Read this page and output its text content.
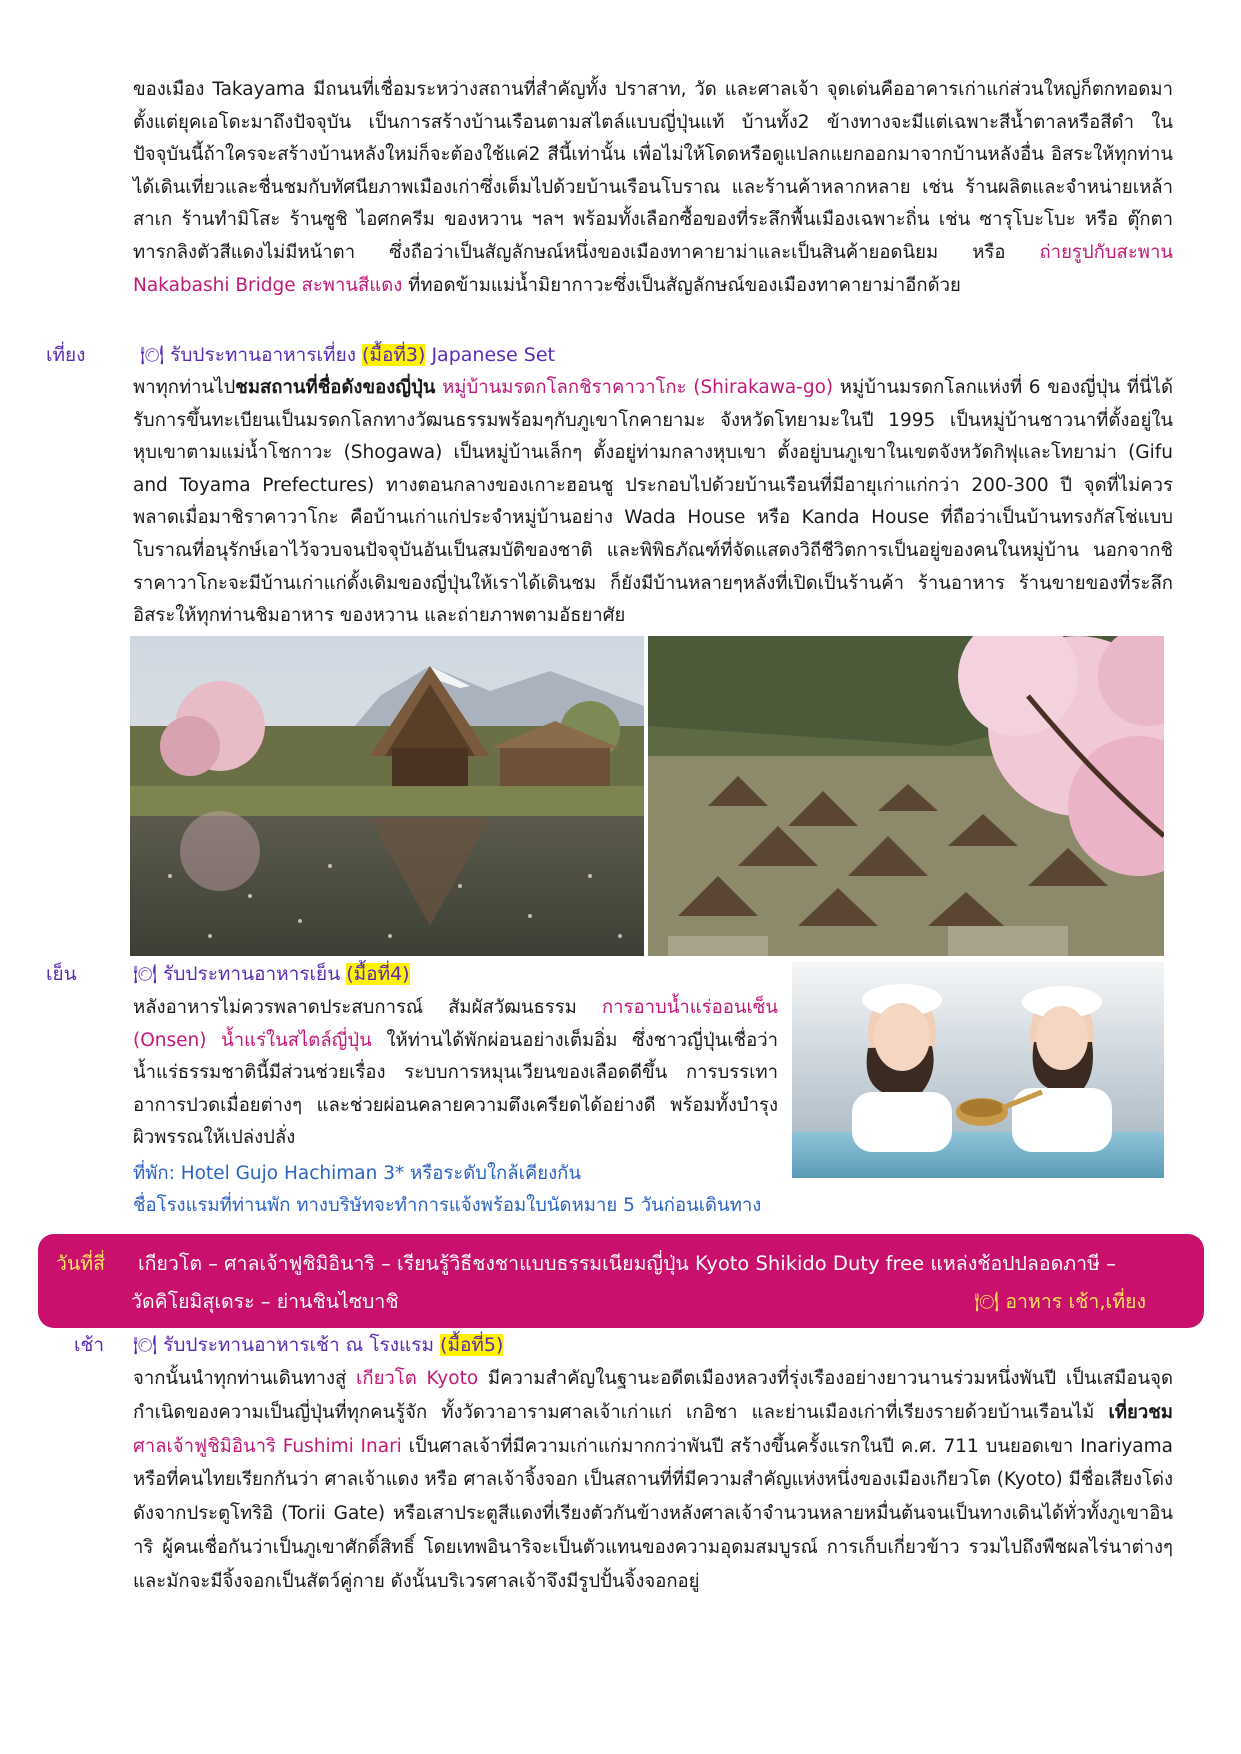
ของเมือง Takayama มีถนนที่เชื่อมระหว่างสถานที่สำคัญทั้ง ปราสาท, วัด และศาลเจ้า จุดเด่นคืออาคารเก่าแก่ส่วนใหญ่ก็ตกทอดมาตั้งแต่ยุคเอโดะมาถึงปัจจุบัน เป็นการสร้างบ้านเรือนตามสไตล์แบบญี่ปุ่นแท้ บ้านทั้ง2 ข้างทางจะมีแต่เฉพาะสีน้ำตาลหรือสีดำ ในปัจจุบันนี้ถ้าใครจะสร้างบ้านหลังใหม่ก็จะต้องใช้แค่2 สีนี้เท่านั้น เพื่อไม่ให้โดดหรือดูแปลกแยกออกมาจากบ้านหลังอื่น อิสระให้ทุกท่านได้เดินเที่ยวและชื่นชมกับทัศนียภาพเมืองเก่าซึ่งเต็มไปด้วยบ้านเรือนโบราณ และร้านค้าหลากหลาย เช่น ร้านผลิตและจำหน่ายเหล้าสาเก ร้านทำมิโสะ ร้านซูชิ ไอศกครีม ของหวาน ฯลฯ พร้อมทั้งเลือกซื้อของที่ระลึกพื้นเมืองเฉพาะถิ่น เช่น ซารุโบะโบะ หรือ ตุ๊กตาทารกลิงตัวสีแดงไม่มีหน้าตา ซึ่งถือว่าเป็นสัญลักษณ์หนึ่งของเมืองทาคายาม่าและเป็นสินค้ายอดนิยม หรือ ถ่ายรูปกับสะพาน Nakabashi Bridge สะพานสีแดง ที่ทอดข้ามแม่น้ำมิยากาวะซึ่งเป็นสัญลักษณ์ของเมืองทาคายาม่าอีกด้วย
เที่ยง	🍽 รับประทานอาหารเที่ยง (มื้อที่3) Japanese Set
พาทุกท่านไปชมสถานที่ชื่อดังของญี่ปุ่น หมู่บ้านมรดกโลกชิราคาวาโกะ (Shirakawa-go) หมู่บ้านมรดกโลกแห่งที่ 6 ของญี่ปุ่น ที่นี่ได้รับการขึ้นทะเบียนเป็นมรดกโลกทางวัฒนธรรมพร้อมๆกับภูเขาโกคายามะ จังหวัดโทยามะในปี 1995 เป็นหมู่บ้านชาวนาที่ตั้งอยู่ในหุบเขาตามแม่น้ำโชกาวะ (Shogawa) เป็นหมู่บ้านเล็กๆ ตั้งอยู่ท่ามกลางหุบเขา ตั้งอยู่บนภูเขาในเขตจังหวัดกิฟุและโทยาม่า (Gifu and Toyama Prefectures) ทางตอนกลางของเกาะฮอนชู ประกอบไปด้วยบ้านเรือนที่มีอายุเก่าแก่กว่า 200-300 ปี จุดที่ไม่ควรพลาดเมื่อมาชิราคาวาโกะ คือบ้านเก่าแก่ประจำหมู่บ้านอย่าง Wada House หรือ Kanda House ที่ถือว่าเป็นบ้านทรงกัสโช่แบบโบราณที่อนุรักษ์เอาไว้จวบจนปัจจุบันอันเป็นสมบัติของชาติ และพิพิธภัณฑ์ที่จัดแสดงวิถีชีวิตการเป็นอยู่ของคนในหมู่บ้าน นอกจากชิราคาวาโกะจะมีบ้านเก่าแก่ดั้งเดิมของญี่ปุ่นให้เราได้เดินชม ก็ยังมีบ้านหลายๆหลังที่เปิดเป็นร้านค้า ร้านอาหาร ร้านขายของที่ระลึก อิสระให้ทุกท่านชิมอาหาร ของหวาน และถ่ายภาพตามอัธยาศัย
เย็น	🍽 รับประทานอาหารเย็น (มื้อที่4)
หลังอาหารไม่ควรพลาดประสบการณ์ สัมผัสวัฒนธรรม การอาบน้ำแร่ออนเซ็น (Onsen) น้ำแร่ในสไตล์ญี่ปุ่น ให้ท่านได้พักผ่อนอย่างเต็มอิ่ม ซึ่งชาวญี่ปุ่นเชื่อว่าน้ำแร่ธรรมชาตินี้มีส่วนช่วยเรื่อง ระบบการหมุนเวียนของเลือดดีขึ้น การบรรเทาอาการปวดเมื่อยต่างๆ และช่วยผ่อนคลายความตึงเครียดได้อย่างดี พร้อมทั้งบำรุงผิวพรรณให้เปล่งปลั่ง
ที่พัก: Hotel Gujo Hachiman 3* หรือระดับใกล้เคียงกัน
ชื่อโรงแรมที่ท่านพัก ทางบริษัทจะทำการแจ้งพร้อมใบนัดหมาย 5 วันก่อนเดินทาง
วันที่สี่ เกียวโต – ศาลเจ้าฟูชิมิอินาริ – เรียนรู้วิธีชงชาแบบธรรมเนียมญี่ปุ่น Kyoto Shikido Duty free แหล่งช้อปปลอดภาษี –
วัดคิโยมิสุเดระ – ย่านชินไซบาชิ	🍽 อาหาร เช้า,เที่ยง
เช้า 🍽 รับประทานอาหารเช้า ณ โรงแรม (มื้อที่5)
จากนั้นนำทุกท่านเดินทางสู่ เกียวโต Kyoto มีความสำคัญในฐานะอดีตเมืองหลวงที่รุ่งเรืองอย่างยาวนานร่วมหนึ่งพันปี เป็นเสมือนจุดกำเนิดของความเป็นญี่ปุ่นที่ทุกคนรู้จัก ทั้งวัดวาอารามศาลเจ้าเก่าแก่ เกอิชา และย่านเมืองเก่าที่เรียงรายด้วยบ้านเรือนไม้ เที่ยวชม ศาลเจ้าฟูชิมิอินาริ Fushimi Inari เป็นศาลเจ้าที่มีความเก่าแก่มากกว่าพันปี สร้างขึ้นครั้งแรกในปี ค.ศ. 711 บนยอดเขา Inariyama หรือที่คนไทยเรียกกันว่า ศาลเจ้าแดง หรือ ศาลเจ้าจิ้งจอก เป็นสถานที่ที่มีความสำคัญแห่งหนึ่งของเมืองเกียวโต (Kyoto) มีชื่อเสียงโด่งดังจากประตูโทริอิ (Torii Gate) หรือเสาประตูสีแดงที่เรียงตัวกันข้างหลังศาลเจ้าจำนวนหลายหมื่นต้นจนเป็นทางเดินได้ทั่วทั้งภูเขาอินาริ ผู้คนเชื่อกันว่าเป็นภูเขาศักดิ์สิทธิ์ โดยเทพอินาริจะเป็นตัวแทนของความอุดมสมบูรณ์ การเก็บเกี่ยวข้าว รวมไปถึงพืชผลไร่นาต่างๆ และมักจะมีจิ้งจอกเป็นสัตว์คู่กาย ดังนั้นบริเวรศาลเจ้าจึงมีรูปปั้นจิ้งจอกอยู่
